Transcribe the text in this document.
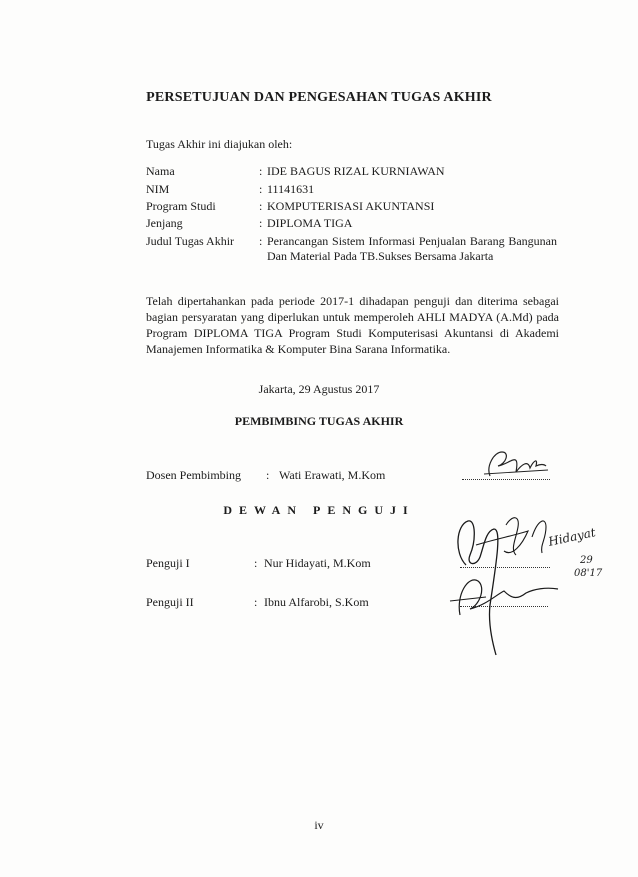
PERSETUJUAN DAN PENGESAHAN TUGAS AKHIR
Tugas Akhir ini diajukan oleh:
Nama	: IDE BAGUS RIZAL KURNIAWAN
NIM	: 11141631
Program Studi	: KOMPUTERISASI AKUNTANSI
Jenjang	: DIPLOMA TIGA
Judul Tugas Akhir	: Perancangan Sistem Informasi Penjualan Barang Bangunan Dan Material Pada TB.Sukses Bersama Jakarta
Telah dipertahankan pada periode 2017-1 dihadapan penguji dan diterima sebagai bagian persyaratan yang diperlukan untuk memperoleh AHLI MADYA (A.Md) pada Program DIPLOMA TIGA Program Studi Komputerisasi Akuntansi di Akademi Manajemen Informatika & Komputer Bina Sarana Informatika.
Jakarta, 29 Agustus 2017
PEMBIMBING TUGAS AKHIR
Dosen Pembimbing	: Wati Erawati, M.Kom
DEWAN PENGUJI
Penguji I	: Nur Hidayati, M.Kom
Penguji II	: Ibnu Alfarobi, S.Kom
Hidayat
29
08'17
iv
